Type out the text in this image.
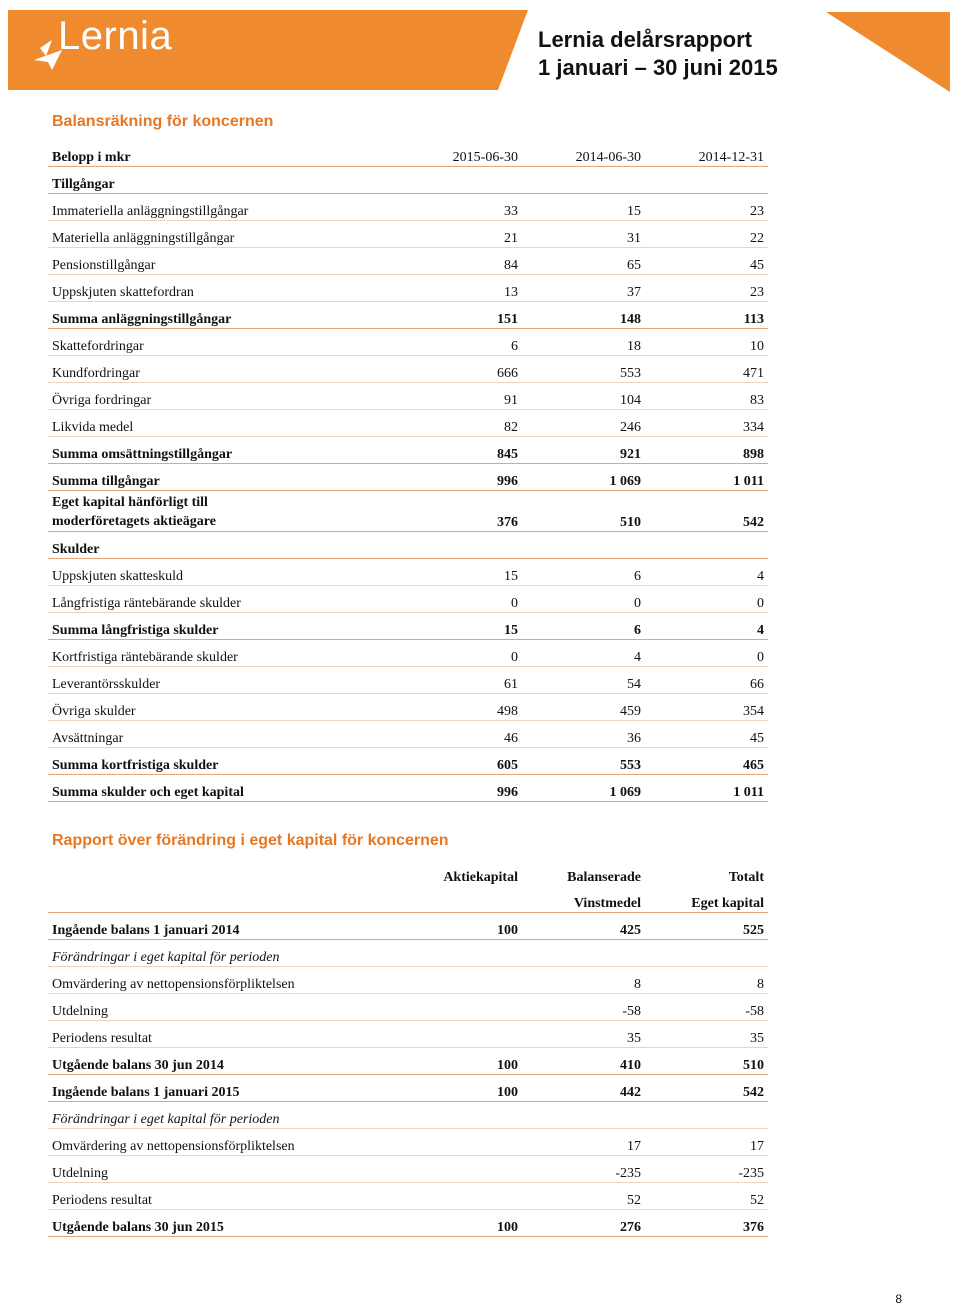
Lernia	Lernia delårsrapport
1 januari – 30 juni 2015
Balansräkning för koncernen
Belopp i mkr	2015-06-30	2014-06-30	2014-12-31
Tillgångar			
Immateriella anläggningstillgångar	33	15	23
Materiella anläggningstillgångar	21	31	22
Pensionstillgångar	84	65	45
Uppskjuten skattefordran	13	37	23
Summa anläggningstillgångar	151	148	113
Skattefordringar	6	18	10
Kundfordringar	666	553	471
Övriga fordringar	91	104	83
Likvida medel	82	246	334
Summa omsättningstillgångar	845	921	898
Summa tillgångar	996	1 069	1 011
Eget kapital hänförligt till moderföretagets aktieägare	376	510	542
Skulder			
Uppskjuten skatteskuld	15	6	4
Långfristiga räntebärande skulder	0	0	0
Summa långfristiga skulder	15	6	4
Kortfristiga räntebärande skulder	0	4	0
Leverantörsskulder	61	54	66
Övriga skulder	498	459	354
Avsättningar	46	36	45
Summa kortfristiga skulder	605	553	465
Summa skulder och eget kapital	996	1 069	1 011
Rapport över förändring i eget kapital för koncernen
	Aktiekapital	Balanserade	Totalt
		Vinstmedel	Eget kapital
Ingående balans 1 januari 2014	100	425	525
Förändringar i eget kapital för perioden			
Omvärdering av nettopensionsförpliktelsen		8	8
Utdelning		-58	-58
Periodens resultat		35	35
Utgående balans 30 jun 2014	100	410	510
Ingående balans 1 januari 2015	100	442	542
Förändringar i eget kapital för perioden			
Omvärdering av nettopensionsförpliktelsen		17	17
Utdelning		-235	-235
Periodens resultat		52	52
Utgående balans 30 jun 2015	100	276	376
8
